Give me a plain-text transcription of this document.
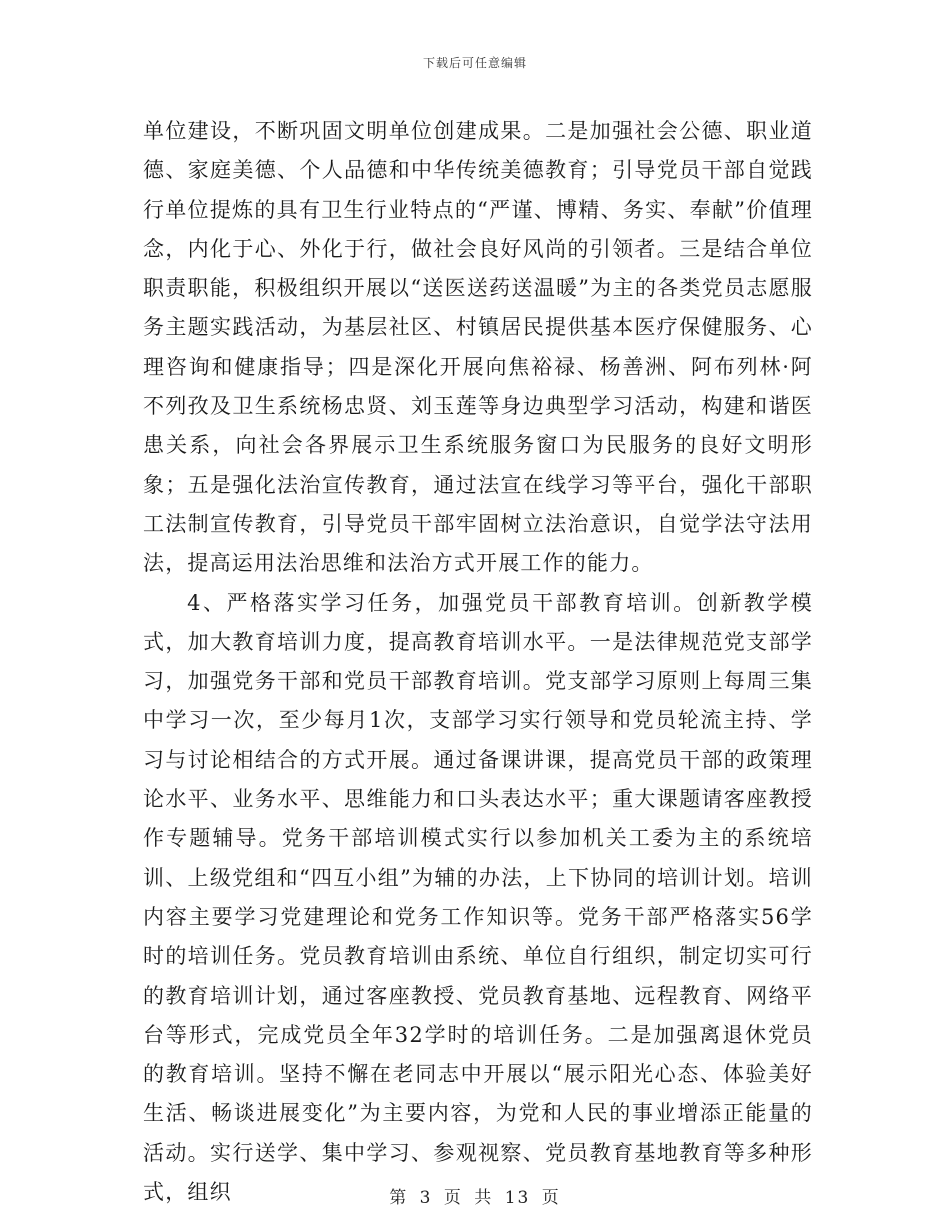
下载后可任意编辑

单位建设，不断巩固文明单位创建成果。二是加强社会公德、职业道德、家庭美德、个人品德和中华传统美德教育；引导党员干部自觉践行单位提炼的具有卫生行业特点的“严谨、博精、务实、奉献”价值理念，内化于心、外化于行，做社会良好风尚的引领者。三是结合单位职责职能，积极组织开展以“送医送药送温暖”为主的各类党员志愿服务主题实践活动，为基层社区、村镇居民提供基本医疗保健服务、心理咨询和健康指导；四是深化开展向焦裕禄、杨善洲、阿布列林·阿不列孜及卫生系统杨忠贤、刘玉莲等身边典型学习活动，构建和谐医患关系，向社会各界展示卫生系统服务窗口为民服务的良好文明形象；五是强化法治宣传教育，通过法宣在线学习等平台，强化干部职工法制宣传教育，引导党员干部牢固树立法治意识，自觉学法守法用法，提高运用法治思维和法治方式开展工作的能力。

4、严格落实学习任务，加强党员干部教育培训。创新教学模式，加大教育培训力度，提高教育培训水平。一是法律规范党支部学习，加强党务干部和党员干部教育培训。党支部学习原则上每周三集中学习一次，至少每月1次，支部学习实行领导和党员轮流主持、学习与讨论相结合的方式开展。通过备课讲课，提高党员干部的政策理论水平、业务水平、思维能力和口头表达水平；重大课题请客座教授作专题辅导。党务干部培训模式实行以参加机关工委为主的系统培训、上级党组和“四互小组”为辅的办法，上下协同的培训计划。培训内容主要学习党建理论和党务工作知识等。党务干部严格落实56学时的培训任务。党员教育培训由系统、单位自行组织，制定切实可行的教育培训计划，通过客座教授、党员教育基地、远程教育、网络平台等形式，完成党员全年32学时的培训任务。二是加强离退休党员的教育培训。坚持不懈在老同志中开展以“展示阳光心态、体验美好生活、畅谈进展变化”为主要内容，为党和人民的事业增添正能量的活动。实行送学、集中学习、参观视察、党员教育基地教育等多种形式，组织	第 3 页 共 13 页
